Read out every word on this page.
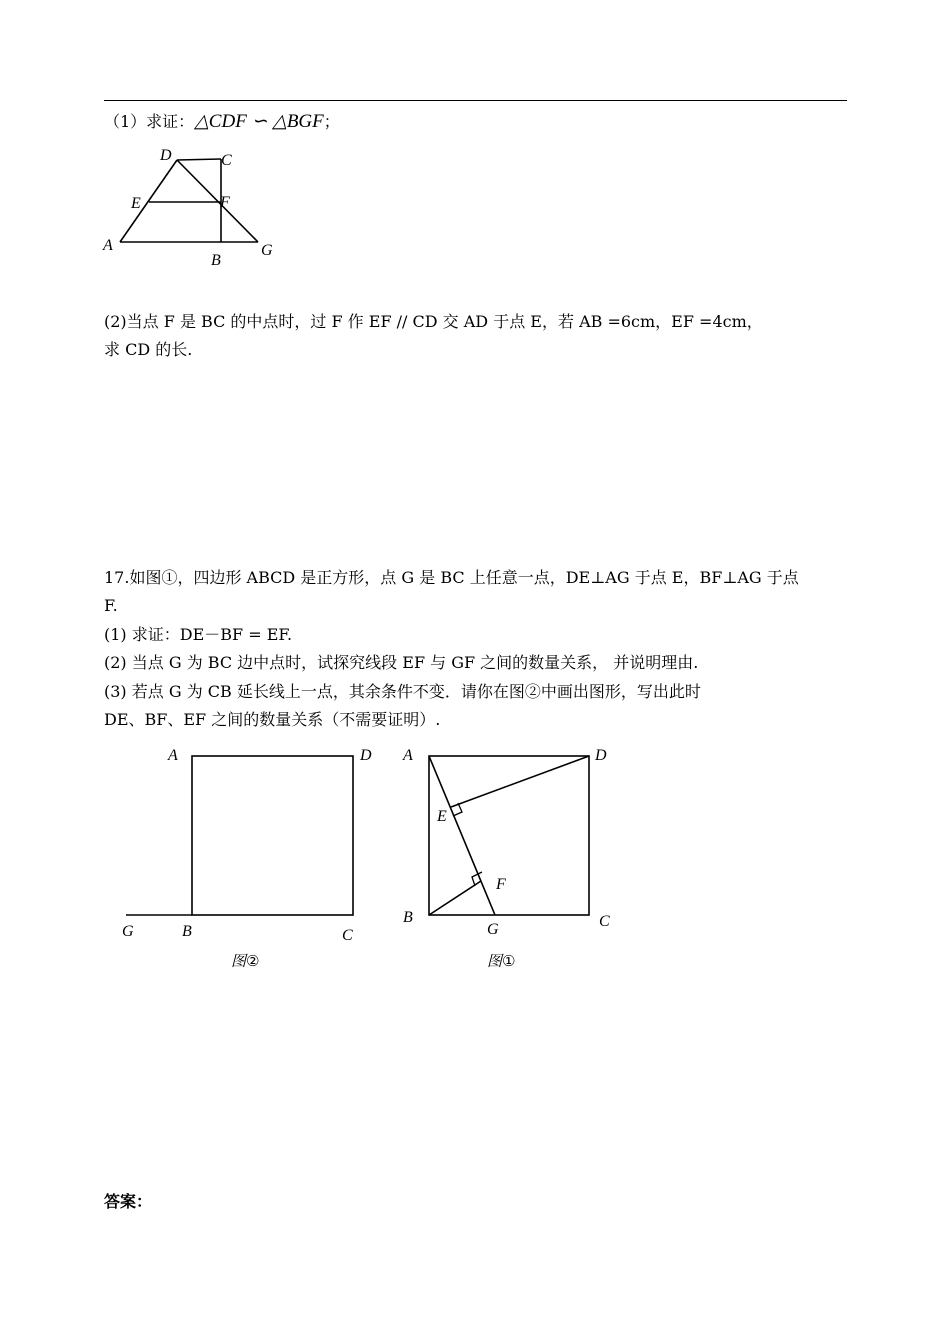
（1）求证：△CDF ∽ △BGF；
D	C
E	F
A
B
G
(2)当点 F 是 BC 的中点时，过 F 作 EF // CD 交 AD 于点 E，若 AB =6cm，EF =4cm，
求 CD 的长.
17.如图①，四边形 ABCD 是正方形，点 G 是 BC 上任意一点，DE⊥AG 于点 E，BF⊥AG 于点
F.
(1) 求证：DE－BF = EF.
(2) 当点 G 为 BC 边中点时，试探究线段 EF 与 GF 之间的数量关系， 并说明理由.
(3) 若点 G 为 CB 延长线上一点，其余条件不变．请你在图②中画出图形，写出此时
DE、BF、EF 之间的数量关系（不需要证明）.
A	D
G	B	C
图②
A	D
E
F
B
G	C
图①
答案：
